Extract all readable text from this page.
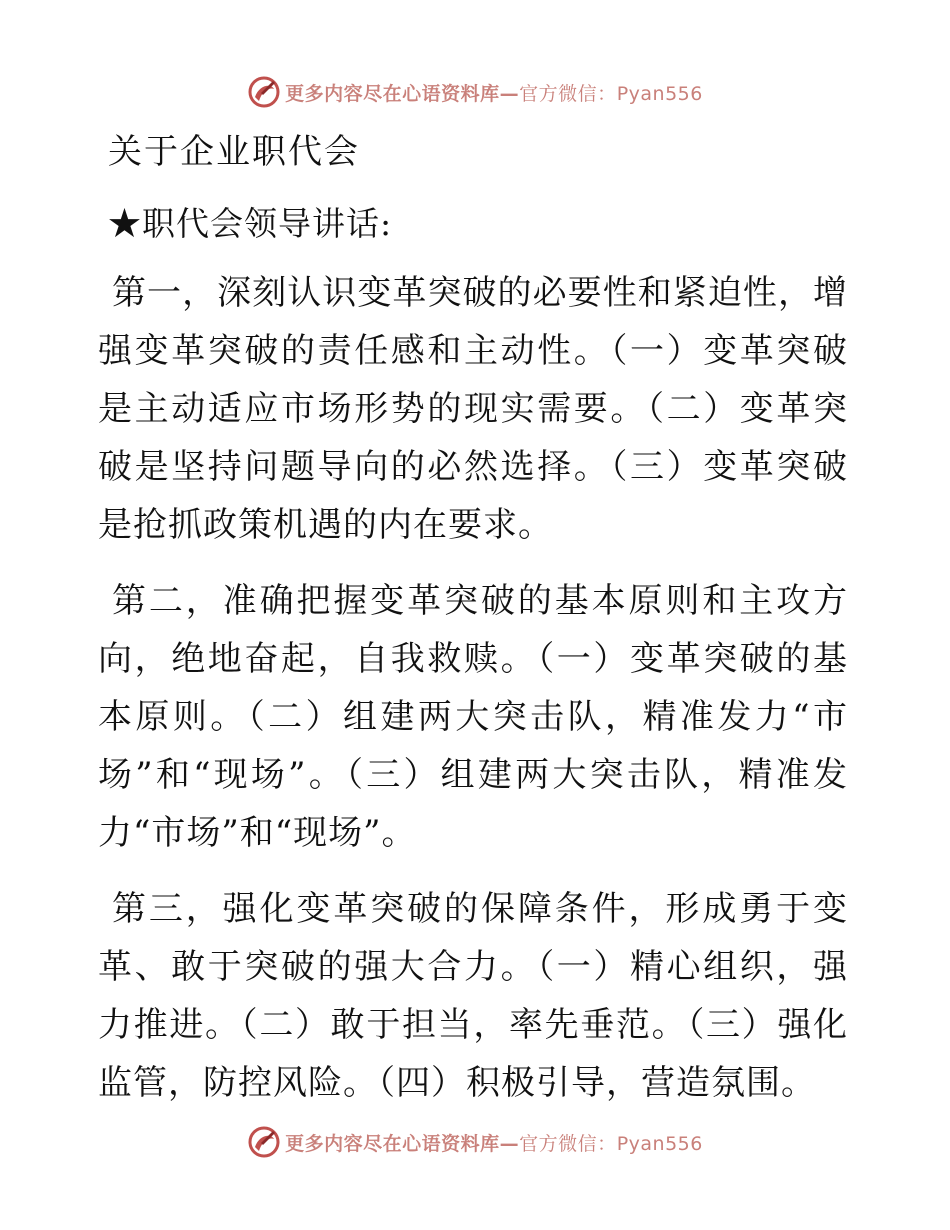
更多内容尽在心语资料库—官方微信：Pyan556
关于企业职代会
★职代会领导讲话:

第一，深刻认识变革突破的必要性和紧迫性，增强变革突破的责任感和主动性。（一）变革突破是主动适应市场形势的现实需要。（二）变革突破是坚持问题导向的必然选择。（三）变革突破是抢抓政策机遇的内在要求。

第二，准确把握变革突破的基本原则和主攻方向，绝地奋起，自我救赎。（一）变革突破的基本原则。（二）组建两大突击队，精准发力“市场”和“现场”。（三）组建两大突击队，精准发力“市场”和“现场”。

第三，强化变革突破的保障条件，形成勇于变革、敢于突破的强大合力。（一）精心组织，强力推进。（二）敢于担当，率先垂范。（三）强化监管，防控风险。（四）积极引导，营造氛围。

更多内容尽在心语资料库—官方微信：Pyan556
